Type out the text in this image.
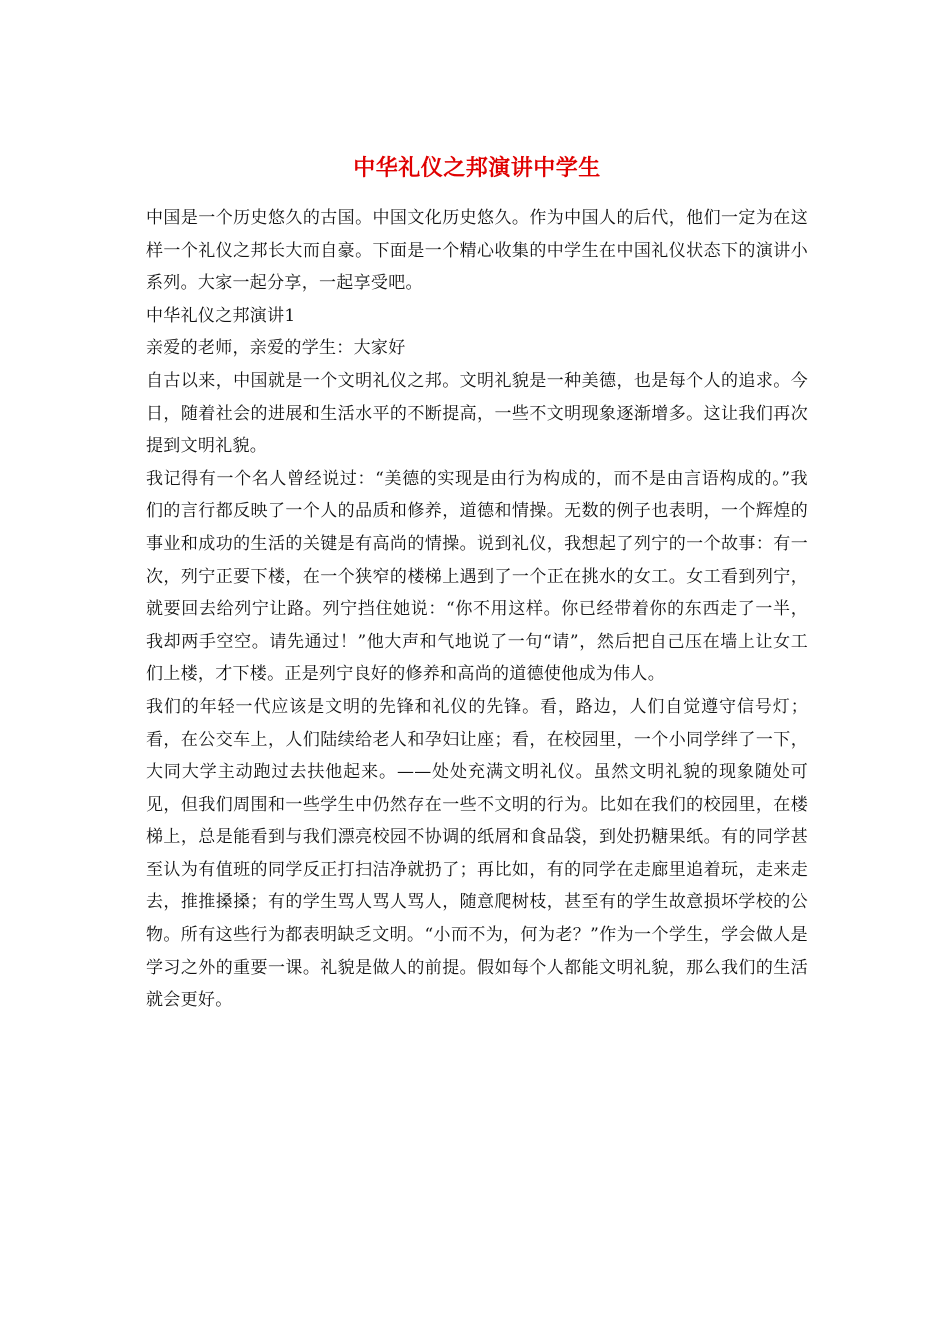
中华礼仪之邦演讲中学生

中国是一个历史悠久的古国。中国文化历史悠久。作为中国人的后代，他们一定为在这样一个礼仪之邦长大而自豪。下面是一个精心收集的中学生在中国礼仪状态下的演讲小系列。大家一起分享，一起享受吧。

中华礼仪之邦演讲1

亲爱的老师，亲爱的学生：大家好

自古以来，中国就是一个文明礼仪之邦。文明礼貌是一种美德，也是每个人的追求。今日，随着社会的进展和生活水平的不断提高，一些不文明现象逐渐增多。这让我们再次提到文明礼貌。

我记得有一个名人曾经说过：“美德的实现是由行为构成的，而不是由言语构成的。”我们的言行都反映了一个人的品质和修养，道德和情操。无数的例子也表明，一个辉煌的事业和成功的生活的关键是有高尚的情操。说到礼仪，我想起了列宁的一个故事：有一次，列宁正要下楼，在一个狭窄的楼梯上遇到了一个正在挑水的女工。女工看到列宁，就要回去给列宁让路。列宁挡住她说：“你不用这样。你已经带着你的东西走了一半，我却两手空空。请先通过！”他大声和气地说了一句“请”，然后把自己压在墙上让女工们上楼，才下楼。正是列宁良好的修养和高尚的道德使他成为伟人。

我们的年轻一代应该是文明的先锋和礼仪的先锋。看，路边，人们自觉遵守信号灯；看，在公交车上，人们陆续给老人和孕妇让座；看，在校园里，一个小同学绊了一下，大同大学主动跑过去扶他起来。——处处充满文明礼仪。虽然文明礼貌的现象随处可见，但我们周围和一些学生中仍然存在一些不文明的行为。比如在我们的校园里，在楼梯上，总是能看到与我们漂亮校园不协调的纸屑和食品袋，到处扔糖果纸。有的同学甚至认为有值班的同学反正打扫洁净就扔了；再比如，有的同学在走廊里追着玩，走来走去，推推搡搡；有的学生骂人骂人骂人，随意爬树枝，甚至有的学生故意损坏学校的公物。所有这些行为都表明缺乏文明。“小而不为，何为老？”作为一个学生，学会做人是学习之外的重要一课。礼貌是做人的前提。假如每个人都能文明礼貌，那么我们的生活就会更好。
